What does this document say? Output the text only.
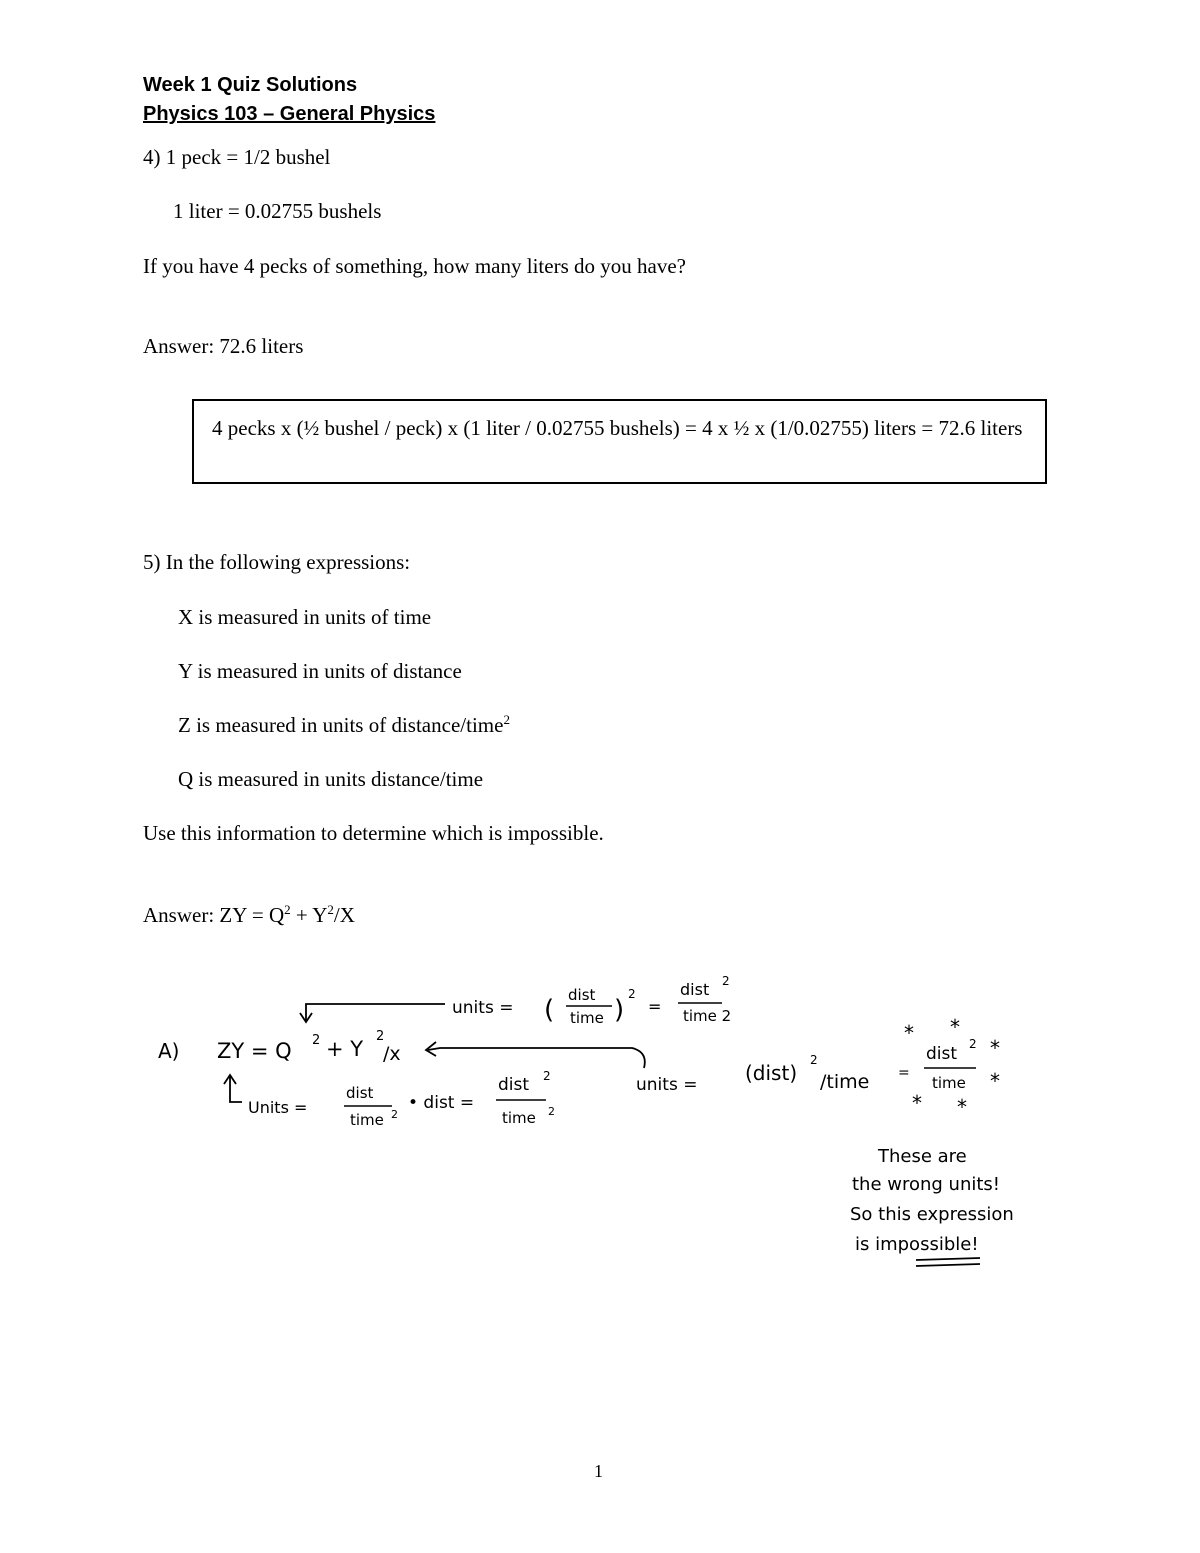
Week 1 Quiz Solutions
Physics 103 – General Physics
4) 1 peck = 1/2 bushel
1 liter = 0.02755 bushels
If you have 4 pecks of something, how many liters do you have?
Answer: 72.6 liters
4 pecks x (½ bushel / peck) x (1 liter / 0.02755 bushels) = 4 x ½ x (1/0.02755) liters = 72.6 liters
5) In the following expressions:
X is measured in units of time
Y is measured in units of distance
Z is measured in units of distance/time$^2$
Q is measured in units distance/time
Use this information to determine which is impossible.
Answer: ZY = $Q^2 + Y^2/X$
A) ZY = Q 2 + Y
2
/x
units = ( dist
time )
2
=
dist 2
time 2
Units =
dist
time 2
• dist =
dist 2
time 2
units = (dist)
2
/time =
dist 2
time
* *
*
*
* *
These are
the wrong units!
So this expression
is impossible!
1
